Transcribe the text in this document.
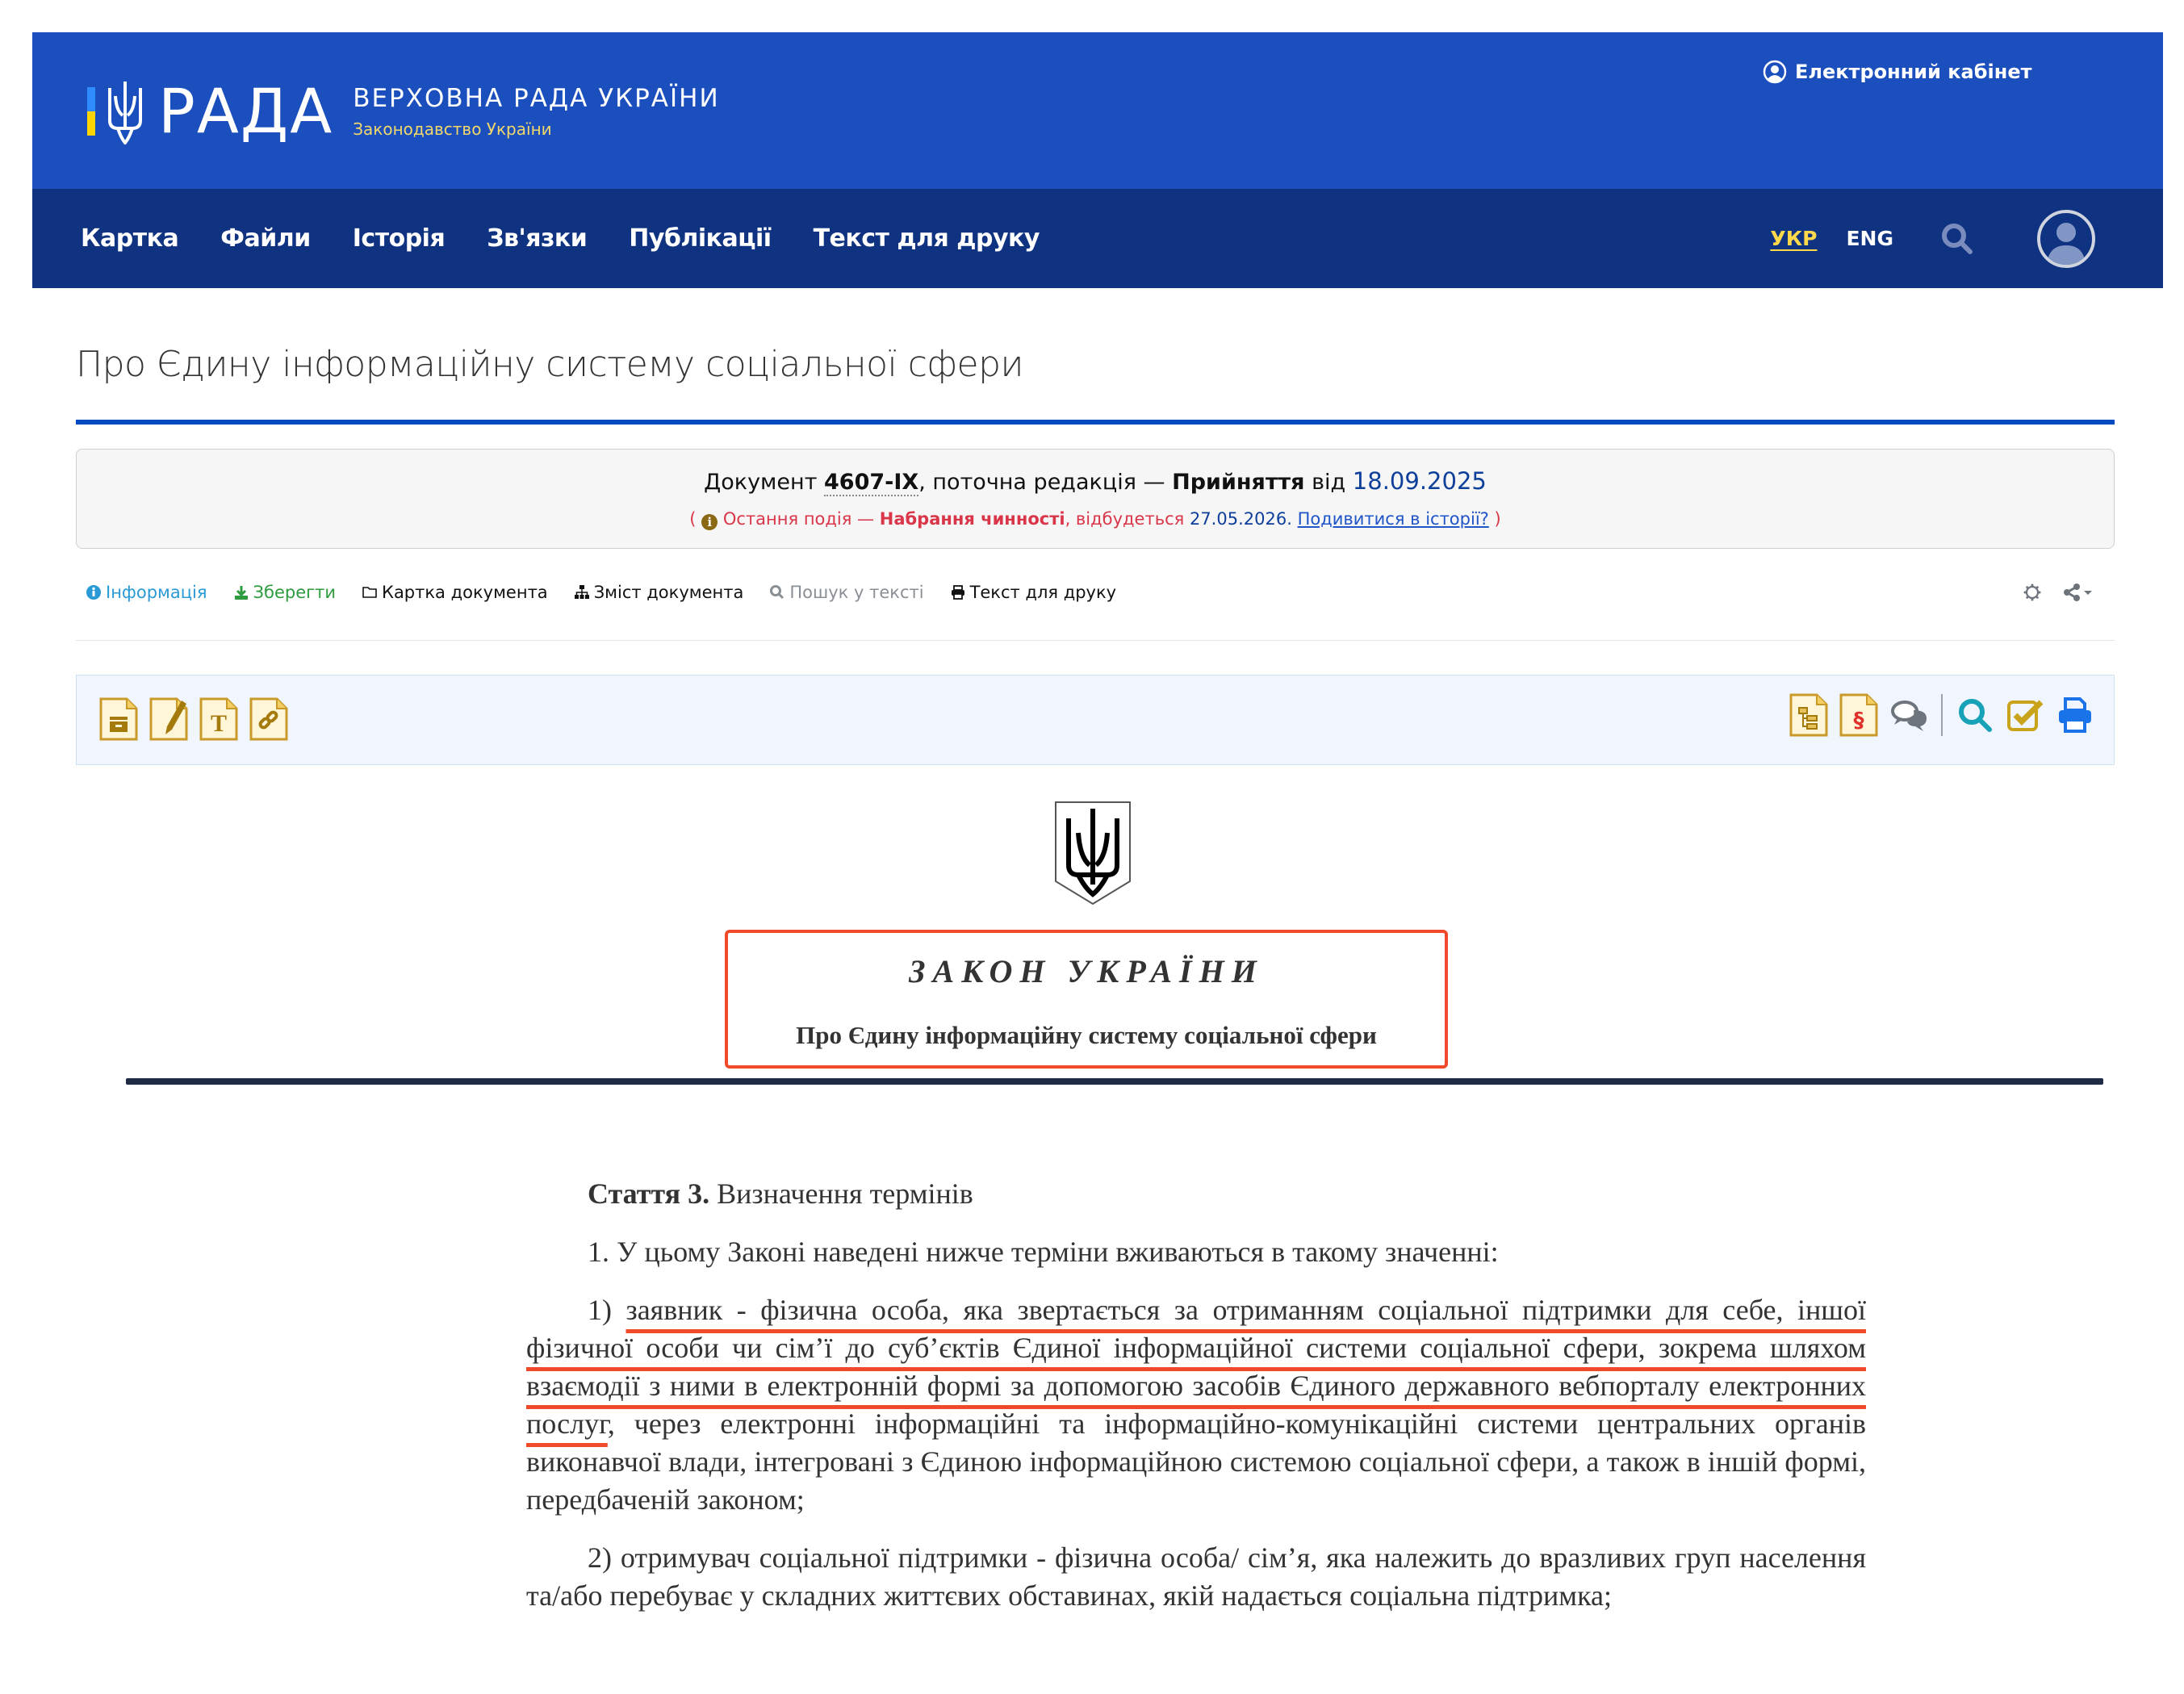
РАДА ВЕРХОВНА РАДА УКРАЇНИ
Законодавство України
Електронний кабінет
Картка Файли Історія Зв'язки Публікації Текст для друку	УКР ENG
Про Єдину інформаційну систему соціальної сфери
Документ 4607-IX, поточна редакція — Прийняття від 18.09.2025
( i Остання подія — Набрання чинності, відбудеться 27.05.2026. Подивитися в історії? )
Інформація	Зберегти	Картка документа	Зміст документа	Пошук у тексті	Текст для друку
T	§
ЗАКОН УКРАЇНИ
Про Єдину інформаційну систему соціальної сфери

Стаття 3. Визначення термінів

1. У цьому Законі наведені нижче терміни вживаються в такому значенні:

1) заявник - фізична особа, яка звертається за отриманням соціальної підтримки для себе, іншої фізичної особи чи сім’ї до суб’єктів Єдиної інформаційної системи соціальної сфери, зокрема шляхом взаємодії з ними в електронній формі за допомогою засобів Єдиного державного вебпорталу електронних послуг, через електронні інформаційні та інформаційно-комунікаційні системи центральних органів виконавчої влади, інтегровані з Єдиною інформаційною системою соціальної сфери, а також в іншій формі, передбаченій законом;

2) отримувач соціальної підтримки - фізична особа/ сім’я, яка належить до вразливих груп населення та/або перебуває у складних життєвих обставинах, якій надається соціальна підтримка;
